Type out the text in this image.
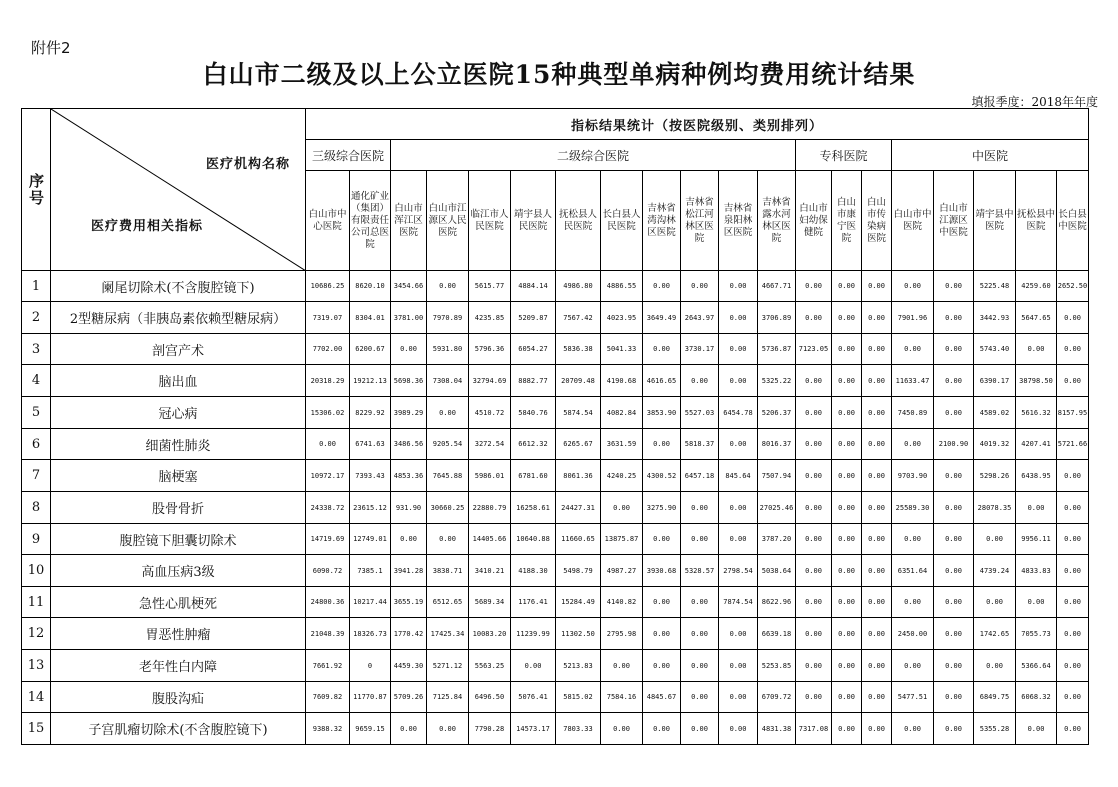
附件2
白山市二级及以上公立医院15种典型单病种例均费用统计结果
填报季度：2018年年度
序号	医疗机构名称
医疗费用相关指标	指标结果统计（按医院级别、类别排列）																			
		三级综合医院		二级综合医院										专科医院			中医院				
		白山市中心医院	通化矿业（集团）有限责任公司总医院	白山市浑江区医院	白山市江源区人民医院	临江市人民医院	靖宇县人民医院	抚松县人民医院	长白县人民医院	吉林省湾沟林区医院	吉林省松江河林区医院	吉林省泉阳林区医院	吉林省露水河林区医院	白山市妇幼保健院	白山市康宁医院	白山市传染病医院	白山市中医院	白山市江源区中医院	靖宇县中医院	抚松县中医院	长白县中医院
1	阑尾切除术(不含腹腔镜下)	10686.25	8620.10	3454.66	0.00	5615.77	4884.14	4986.80	4886.55	0.00	0.00	0.00	4667.71	0.00	0.00	0.00	0.00	0.00	5225.48	4259.60	2652.50
2	2型糖尿病（非胰岛素依赖型糖尿病）	7319.07	8304.01	3781.00	7970.89	4235.85	5209.87	7567.42	4023.95	3649.49	2643.97	0.00	3706.89	0.00	0.00	0.00	7901.96	0.00	3442.93	5647.65	0.00
3	剖宫产术	7702.00	6200.67	0.00	5931.80	5796.36	6054.27	5836.38	5041.33	0.00	3730.17	0.00	5736.87	7123.05	0.00	0.00	0.00	0.00	5743.40	0.00	0.00
4	脑出血	20318.29	19212.13	5698.36	7308.04	32794.69	8882.77	20709.48	4190.68	4616.65	0.00	0.00	5325.22	0.00	0.00	0.00	11633.47	0.00	6390.17	38798.50	0.00
5	冠心病	15306.02	8229.92	3989.29	0.00	4510.72	5840.76	5874.54	4082.84	3853.90	5527.03	6454.78	5206.37	0.00	0.00	0.00	7450.89	0.00	4589.02	5616.32	8157.95
6	细菌性肺炎	0.00	6741.63	3486.56	9205.54	3272.54	6612.32	6265.67	3631.59	0.00	5818.37	0.00	8016.37	0.00	0.00	0.00	0.00	2100.90	4019.32	4207.41	5721.66
7	脑梗塞	10972.17	7393.43	4853.36	7645.88	5986.01	6781.60	8061.36	4240.25	4300.52	6457.18	845.64	7507.94	0.00	0.00	0.00	9703.90	0.00	5298.26	6438.95	0.00
8	股骨骨折	24338.72	23615.12	931.90	30660.25	22880.79	16258.61	24427.31	0.00	3275.90	0.00	0.00	27025.46	0.00	0.00	0.00	25589.30	0.00	28078.35	0.00	0.00
9	腹腔镜下胆囊切除术	14719.69	12749.01	0.00	0.00	14405.66	10640.88	11660.65	13875.87	0.00	0.00	0.00	3787.20	0.00	0.00	0.00	0.00	0.00	0.00	9956.11	0.00
10	高血压病3级	6090.72	7385.1	3941.28	3838.71	3410.21	4188.30	5498.79	4987.27	3930.68	5328.57	2798.54	5038.64	0.00	0.00	0.00	6351.64	0.00	4739.24	4833.83	0.00
11	急性心肌梗死	24800.36	10217.44	3655.19	6512.65	5689.34	1176.41	15284.49	4140.82	0.00	0.00	7874.54	8622.96	0.00	0.00	0.00	0.00	0.00	0.00	0.00	0.00
12	胃恶性肿瘤	21048.39	18326.73	1770.42	17425.34	10083.20	11239.99	11302.50	2795.98	0.00	0.00	0.00	6639.18	0.00	0.00	0.00	2450.00	0.00	1742.65	7055.73	0.00
13	老年性白内障	7661.92	0	4459.30	5271.12	5563.25	0.00	5213.83	0.00	0.00	0.00	0.00	5253.85	0.00	0.00	0.00	0.00	0.00	0.00	5366.64	0.00
14	腹股沟疝	7609.82	11770.87	5709.26	7125.84	6496.50	5076.41	5815.02	7584.16	4845.67	0.00	0.00	6709.72	0.00	0.00	0.00	5477.51	0.00	6849.75	6068.32	0.00
15	子宫肌瘤切除术(不含腹腔镜下)	9388.32	9659.15	0.00	0.00	7790.28	14573.17	7803.33	0.00	0.00	0.00	0.00	4831.38	7317.08	0.00	0.00	0.00	0.00	5355.28	0.00	0.00
